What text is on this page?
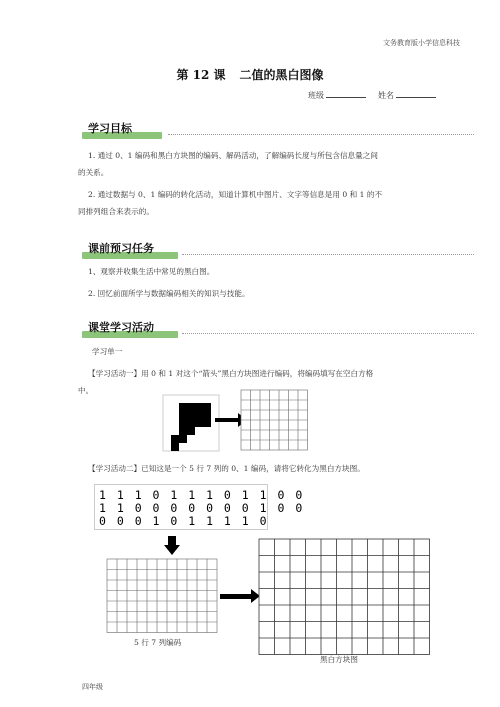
文务教育版小学信息科技
第 12 课 二值的黑白图像
班级	姓名
学习目标
1. 通过 0、1 编码和黑白方块图的编码、解码活动，了解编码长度与所包含信息量之间
的关系。
2. 通过数据与 0、1 编码的转化活动，知道计算机中图片、文字等信息是用 0 和 1 的不
同排列组合来表示的。
课前预习任务
1、观察并收集生活中常见的黑白图。
2. 回忆前面所学与数据编码相关的知识与技能。
课堂学习活动
学习单一
【学习活动一】用 0 和 1 对这个“箭头”黑白方块图进行编码，将编码填写在空白方格
中。
【学习活动二】已知这是一个 5 行 7 列的 0、1 编码，请将它转化为黑白方块图。
1 1 1 0 1 1 1 0 1 1 0 0
1 1 0 0 0 0 0 0 0 1 0 0
0 0 0 1 0 1 1 1 1 0
5 行 7 列编码
黑白方块图
四年级
